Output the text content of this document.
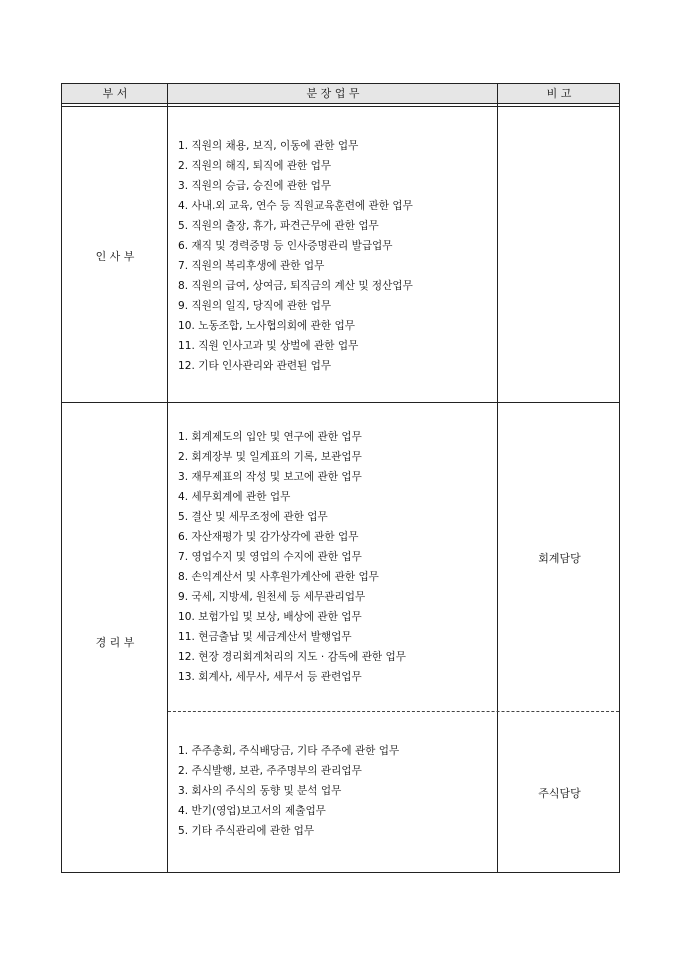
부 서	분 장 업 무	비 고
인 사 부
1. 직원의 채용, 보직, 이동에 관한 업무
2. 직원의 해직, 퇴직에 관한 업무
3. 직원의 승급, 승진에 관한 업무
4. 사내.외 교육, 연수 등 직원교육훈련에 관한 업무
5. 직원의 출장, 휴가, 파견근무에 관한 업무
6. 재직 및 경력증명 등 인사증명관리 발급업무
7. 직원의 복리후생에 관한 업무
8. 직원의 급여, 상여금, 퇴직금의 계산 및 정산업무
9. 직원의 일직, 당직에 관한 업무
10. 노동조합, 노사협의회에 관한 업무
11. 직원 인사고과 및 상벌에 관한 업무
12. 기타 인사관리와 관련된 업무
경 리 부
1. 회계제도의 입안 및 연구에 관한 업무
2. 회계장부 및 일계표의 기록, 보관업무
3. 재무제표의 작성 및 보고에 관한 업무
4. 세무회계에 관한 업무
5. 결산 및 세무조정에 관한 업무
6. 자산재평가 및 감가상각에 관한 업무
7. 영업수지 및 영업의 수지에 관한 업무
8. 손익계산서 및 사후원가계산에 관한 업무
9. 국세, 지방세, 원천세 등 세무관리업무
10. 보험가입 및 보상, 배상에 관한 업무
11. 현금출납 및 세금계산서 발행업무
12. 현장 경리회계처리의 지도 · 감독에 관한 업무
13. 회계사, 세무사, 세무서 등 관련업무
회계담당
1. 주주총회, 주식배당금, 기타 주주에 관한 업무
2. 주식발행, 보관, 주주명부의 관리업무
3. 회사의 주식의 동향 및 분석 업무
4. 반기(영업)보고서의 제출업무
5. 기타 주식관리에 관한 업무
주식담당
